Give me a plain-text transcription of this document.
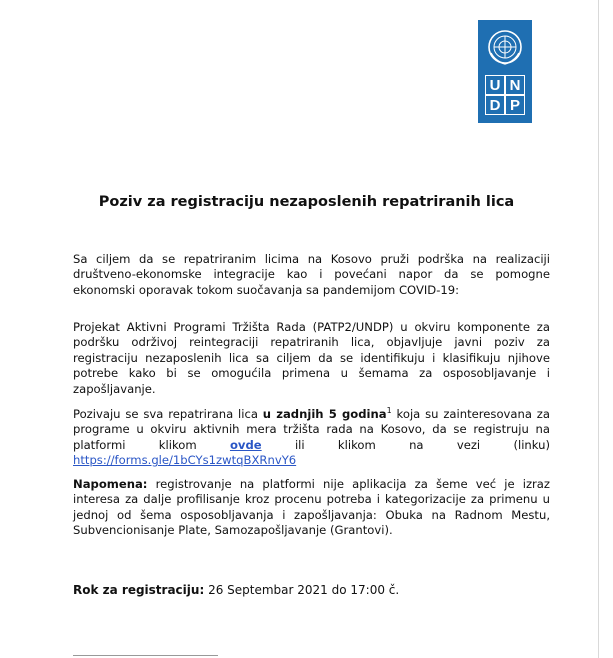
U N
D P
Poziv za registraciju nezaposlenih repatriranih lica
Sa ciljem da se repatriranim licima na Kosovo pruži podrška na realizaciji društveno-ekonomske integracije kao i povećani napor da se pomogne ekonomski oporavak tokom suočavanja sa pandemijom COVID-19:
Projekat Aktivni Programi Tržišta Rada (PATP2/UNDP) u okviru komponente za podršku održivoj reintegraciji repatriranih lica, objavljuje javni poziv za registraciju nezaposlenih lica sa ciljem da se identifikuju i klasifikuju njihove potrebe kako bi se omogućila primena u šemama za osposobljavanje i zapošljavanje.
Pozivaju se sva repatrirana lica u zadnjih 5 godina$^1$ koja su zainteresovana za programe u okviru aktivnih mera tržišta rada na Kosovo, da se registruju na platformi klikom	ovde	ili klikom na vezi (linku) https://forms.gle/1bCYs1zwtqBXRnvY6
Napomena: registrovanje na platformi nije aplikacija za šeme već je izraz interesa za dalje profilisanje kroz procenu potreba i kategorizacije za primenu u jednoj od šema osposobljavanja i zapošljavanja: Obuka na Radnom Mestu, Subvencionisanje Plate, Samozapošljavanje (Grantovi).
Rok za registraciju: 26 Septembar 2021 do 17:00 č.
